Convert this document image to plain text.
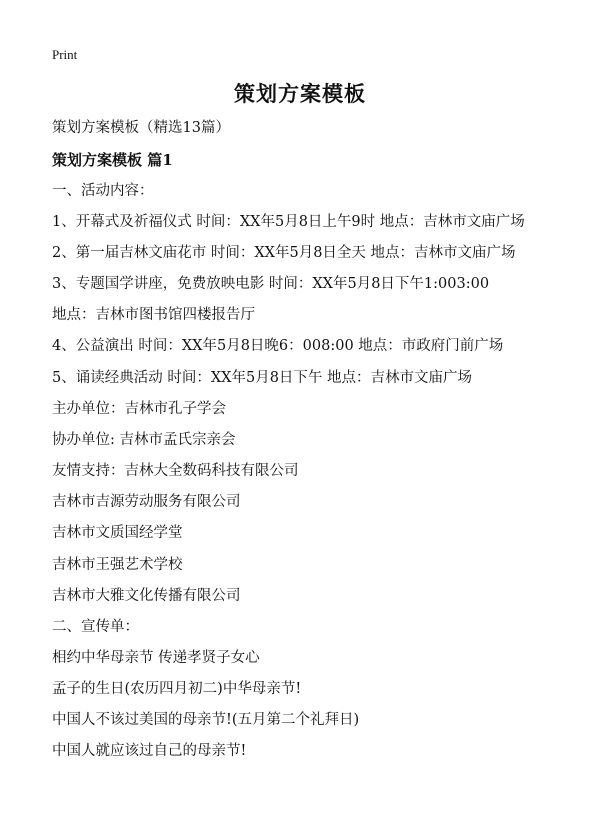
Print
策划方案模板
策划方案模板（精选13篇）
策划方案模板 篇1
一、活动内容：
1、开幕式及祈福仪式 时间：XX年5月8日上午9时 地点：吉林市文庙广场
2、第一届吉林文庙花市 时间：XX年5月8日全天 地点：吉林市文庙广场
3、专题国学讲座，免费放映电影 时间：XX年5月8日下午1:003:00
地点：吉林市图书馆四楼报告厅
4、公益演出 时间：XX年5月8日晚6：008:00 地点：市政府门前广场
5、诵读经典活动 时间：XX年5月8日下午 地点：吉林市文庙广场
主办单位：吉林市孔子学会
协办单位: 吉林市孟氏宗亲会
友情支持：吉林大全数码科技有限公司
吉林市吉源劳动服务有限公司
吉林市文质国经学堂
吉林市王强艺术学校
吉林市大雅文化传播有限公司
二、宣传单：
相约中华母亲节 传递孝贤子女心
孟子的生日(农历四月初二)中华母亲节!
中国人不该过美国的母亲节!(五月第二个礼拜日)
中国人就应该过自己的母亲节!
